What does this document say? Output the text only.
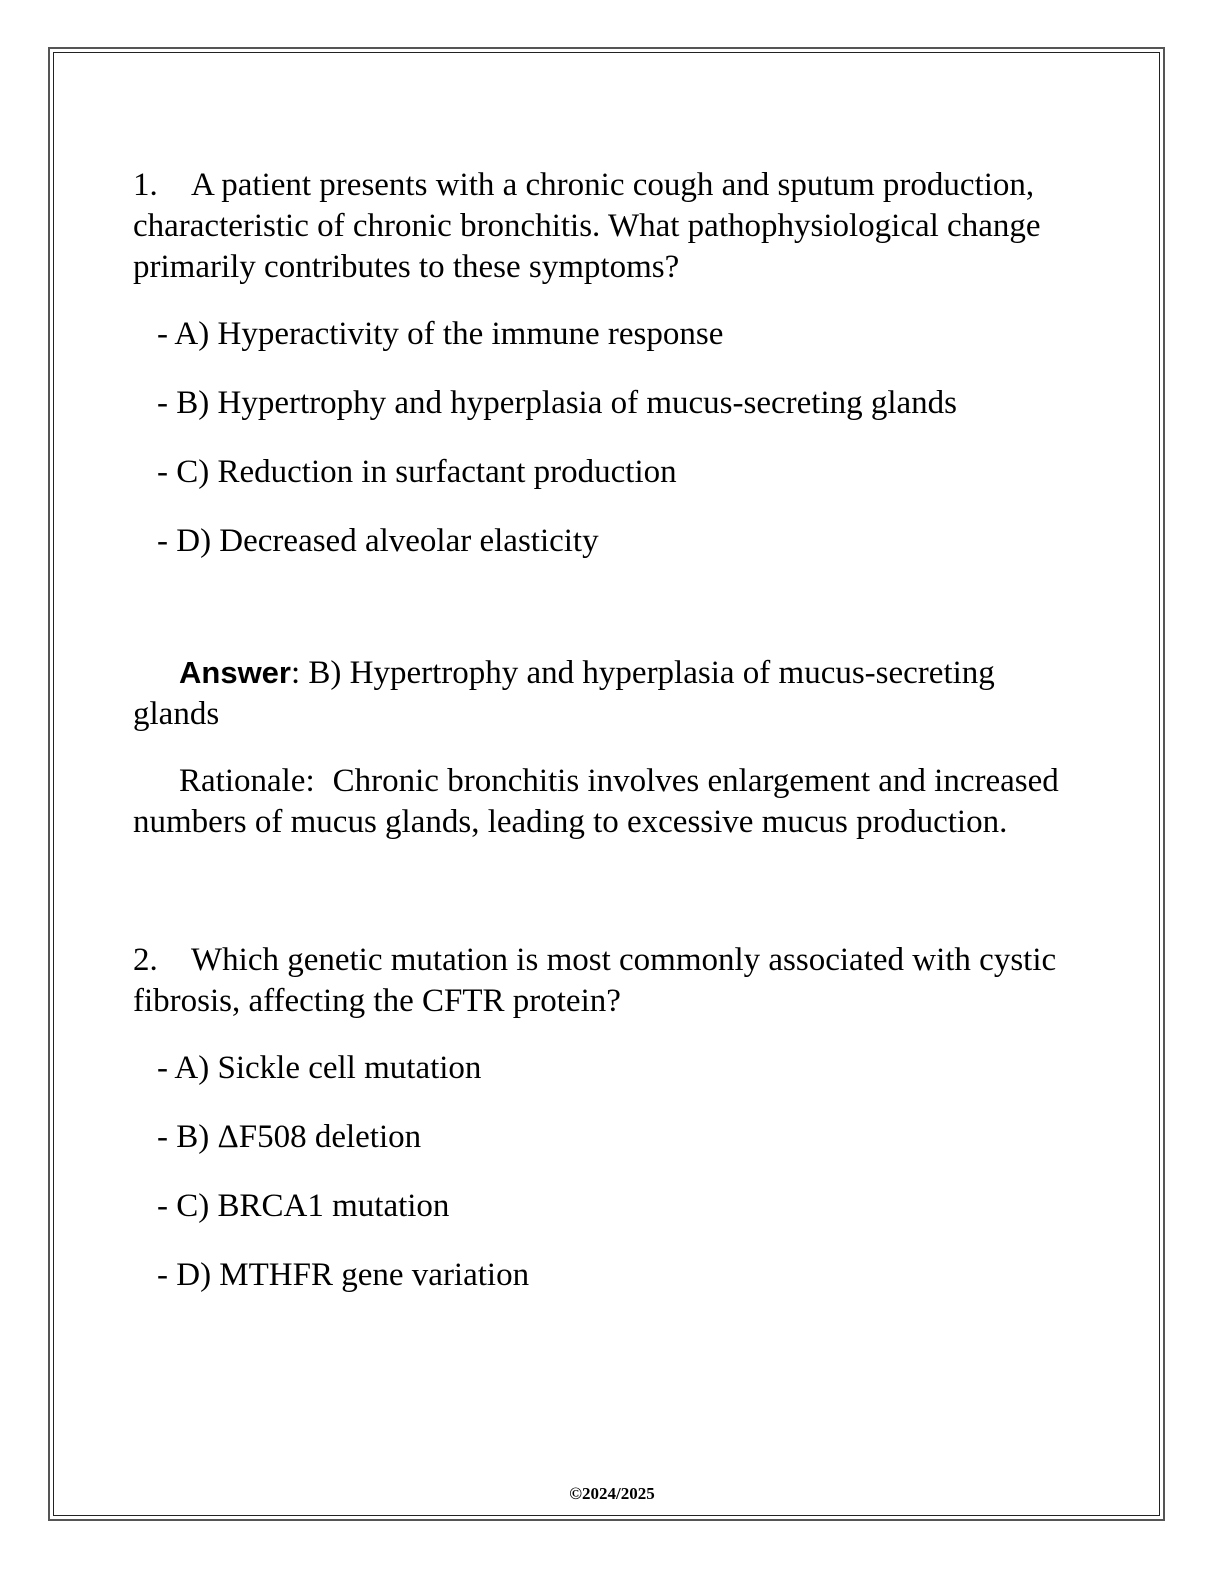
1. A patient presents with a chronic cough and sputum production, characteristic of chronic bronchitis. What pathophysiological change primarily contributes to these symptoms?

- A) Hyperactivity of the immune response
- B) Hypertrophy and hyperplasia of mucus-secreting glands
- C) Reduction in surfactant production
- D) Decreased alveolar elasticity

Answer: B) Hypertrophy and hyperplasia of mucus-secreting glands

Rationale: Chronic bronchitis involves enlargement and increased numbers of mucus glands, leading to excessive mucus production.

2. Which genetic mutation is most commonly associated with cystic fibrosis, affecting the CFTR protein?

- A) Sickle cell mutation
- B) ΔF508 deletion
- C) BRCA1 mutation
- D) MTHFR gene variation
©2024/2025
